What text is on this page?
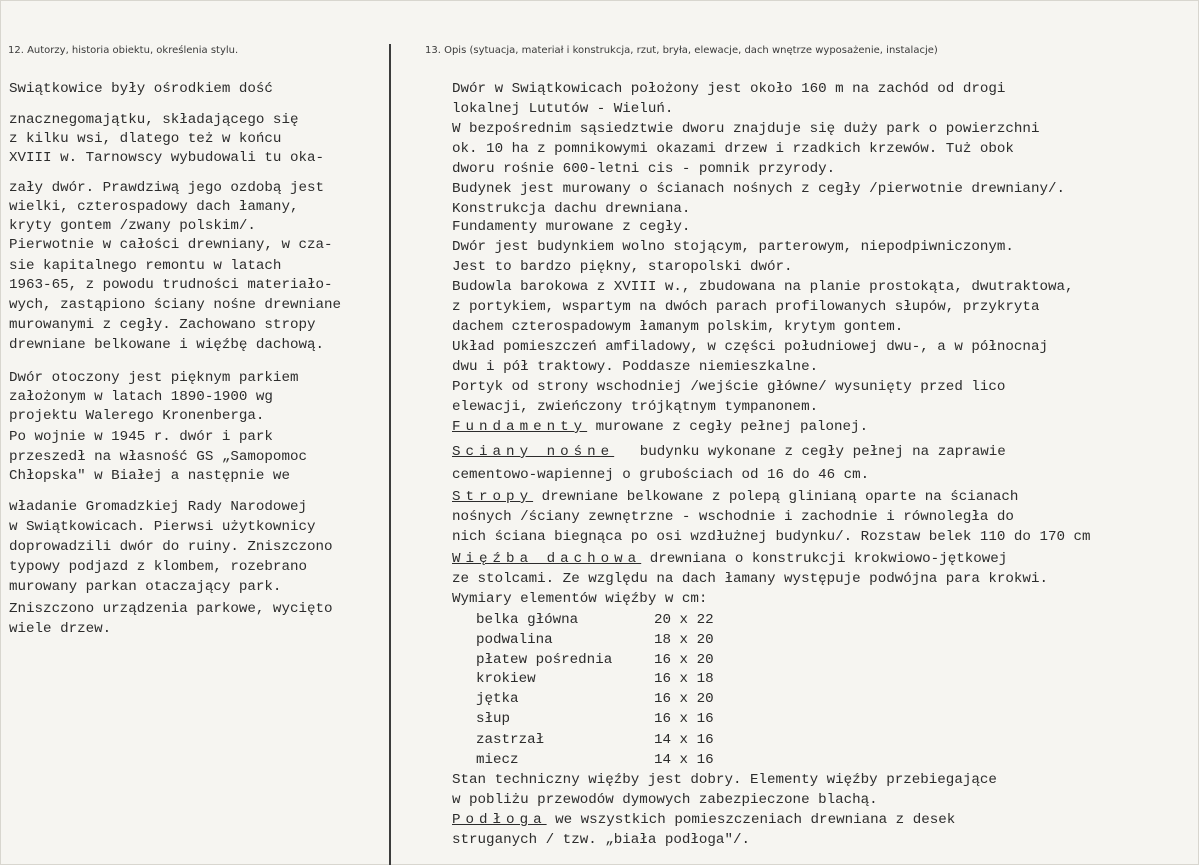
12. Autorzy, historia obiektu, określenia stylu.	13. Opis (sytuacja, materiał i konstrukcja, rzut, bryła, elewacje, dach wnętrze wyposażenie, instalacje)
Swiątkowice były ośrodkiem dość
znacznegomajątku, składającego się
z kilku wsi, dlatego też w końcu
XVIII w. Tarnowscy wybudowali tu oka-
zały dwór. Prawdziwą jego ozdobą jest
wielki, czterospadowy dach łamany,
kryty gontem /zwany polskim/.
Pierwotnie w całości drewniany, w cza-
sie kapitalnego remontu w latach
1963-65, z powodu trudności materiało-
wych, zastąpiono ściany nośne drewniane
murowanymi z cegły. Zachowano stropy
drewniane belkowane i więźbę dachową.
Dwór otoczony jest pięknym parkiem
założonym w latach 1890-1900 wg
projektu Walerego Kronenberga.
Po wojnie w 1945 r. dwór i park
przeszedł na własność GS „Samopomoc
Chłopska" w Białej a następnie we
władanie Gromadzkiej Rady Narodowej
w Swiątkowicach. Pierwsi użytkownicy
doprowadzili dwór do ruiny. Zniszczono
typowy podjazd z klombem, rozebrano
murowany parkan otaczający park.
Zniszczono urządzenia parkowe, wycięto
wiele drzew.
Dwór w Swiątkowicach położony jest około 160 m na zachód od drogi
lokalnej Lututów - Wieluń.
W bezpośrednim sąsiedztwie dworu znajduje się duży park o powierzchni
ok. 10 ha z pomnikowymi okazami drzew i rzadkich krzewów. Tuż obok
dworu rośnie 600-letni cis - pomnik przyrody.
Budynek jest murowany o ścianach nośnych z cegły /pierwotnie drewniany/.
Konstrukcja dachu drewniana.
Fundamenty murowane z cegły.
Dwór jest budynkiem wolno stojącym, parterowym, niepodpiwniczonym.
Jest to bardzo piękny, staropolski dwór.
Budowla barokowa z XVIII w., zbudowana na planie prostokąta, dwutraktowa,
z portykiem, wspartym na dwóch parach profilowanych słupów, przykryta
dachem czterospadowym łamanym polskim, krytym gontem.
Układ pomieszczeń amfiladowy, w części południowej dwu-, a w północnaj
dwu i pół traktowy. Poddasze niemieszkalne.
Portyk od strony wschodniej /wejście główne/ wysunięty przed lico
elewacji, zwieńczony trójkątnym tympanonem.
Fundamenty murowane z cegły pełnej palonej.
Sciany nośne budynku wykonane z cegły pełnej na zaprawie
cementowo-wapiennej o grubościach od 16 do 46 cm.
Stropy drewniane belkowane z polepą glinianą oparte na ścianach
nośnych /ściany zewnętrzne - wschodnie i zachodnie i równoległa do
nich ściana biegnąca po osi wzdłużnej budynku/. Rozstaw belek 110 do 170 cm
Więźba dachowa drewniana o konstrukcji krokwiowo-jętkowej
ze stolcami. Ze względu na dach łamany występuje podwójna para krokwi.
Wymiary elementów więźby w cm:
belka główna	20 x 22
podwalina	18 x 20
płatew pośrednia	16 x 20
krokiew	16 x 18
jętka	16 x 20
słup	16 x 16
zastrzał	14 x 16
miecz	14 x 16
Stan techniczny więźby jest dobry. Elementy więźby przebiegające
w pobliżu przewodów dymowych zabezpieczone blachą.
Podłoga we wszystkich pomieszczeniach drewniana z desek
struganych / tzw. „biała podłoga"/.
